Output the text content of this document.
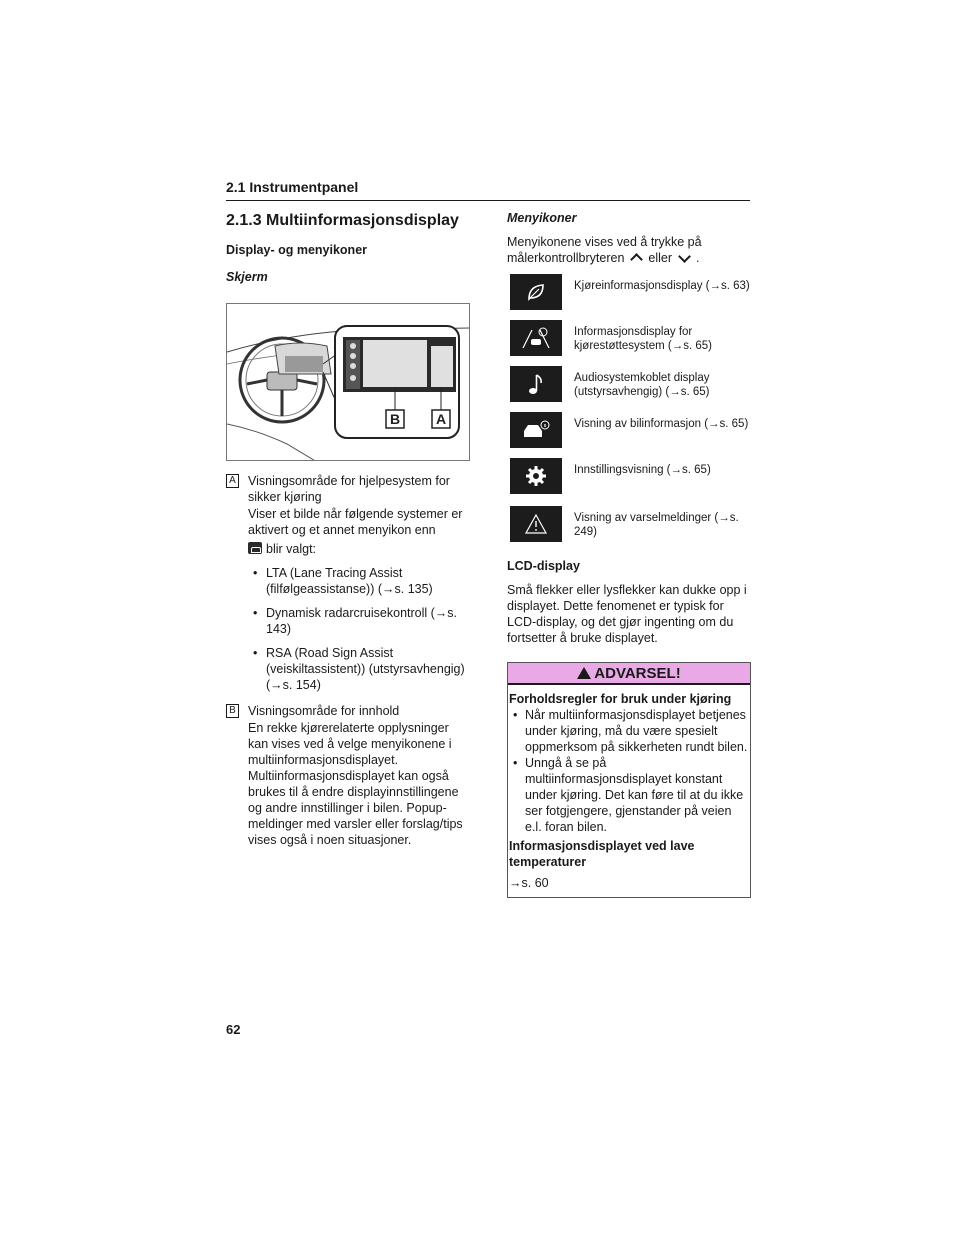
2.1 Instrumentpanel
2.1.3 Multiinformasjonsdisplay
Display- og menyikoner
Skjerm
B	A
A Visningsområde for hjelpesystem for sikker kjøring

Viser et bilde når følgende systemer er aktivert og et annet menyikon enn

blir valgt:

• LTA (Lane Tracing Assist (filfølgeassistanse)) (→s. 135)
• Dynamisk radarcruisekontroll (→s. 143)
• RSA (Road Sign Assist (veiskiltassistent)) (utstyrsavhengig) (→s. 154)
B Visningsområde for innhold

En rekke kjørerelaterte opplysninger kan vises ved å velge menyikonene i multiinformasjonsdisplayet. Multiinformasjonsdisplayet kan også brukes til å endre displayinnstillingene og andre innstillinger i bilen. Popup-meldinger med varsler eller forslag/tips vises også i noen situasjoner.

Menyikoner
Menyikonene vises ved å trykke på målerkontrollbryteren eller .
Kjøreinformasjonsdisplay (→s. 63)
Informasjonsdisplay for kjørestøttesystem (→s. 65)
Audiosystemkoblet display (utstyrsavhengig) (→s. 65)
Visning av bilinformasjon (→s. 65)
Innstillingsvisning (→s. 65)
Visning av varselmeldinger (→s. 249)
LCD-display
Små flekker eller lysflekker kan dukke opp i displayet. Dette fenomenet er typisk for LCD-display, og det gjør ingenting om du fortsetter å bruke displayet.
ADVARSEL!
Forholdsregler for bruk under kjøring
• Når multiinformasjonsdisplayet betjenes under kjøring, må du være spesielt oppmerksom på sikkerheten rundt bilen.
• Unngå å se på multiinformasjonsdisplayet konstant under kjøring. Det kan føre til at du ikke ser fotgjengere, gjenstander på veien e.l. foran bilen.
Informasjonsdisplayet ved lave temperaturer
→s. 60
62
